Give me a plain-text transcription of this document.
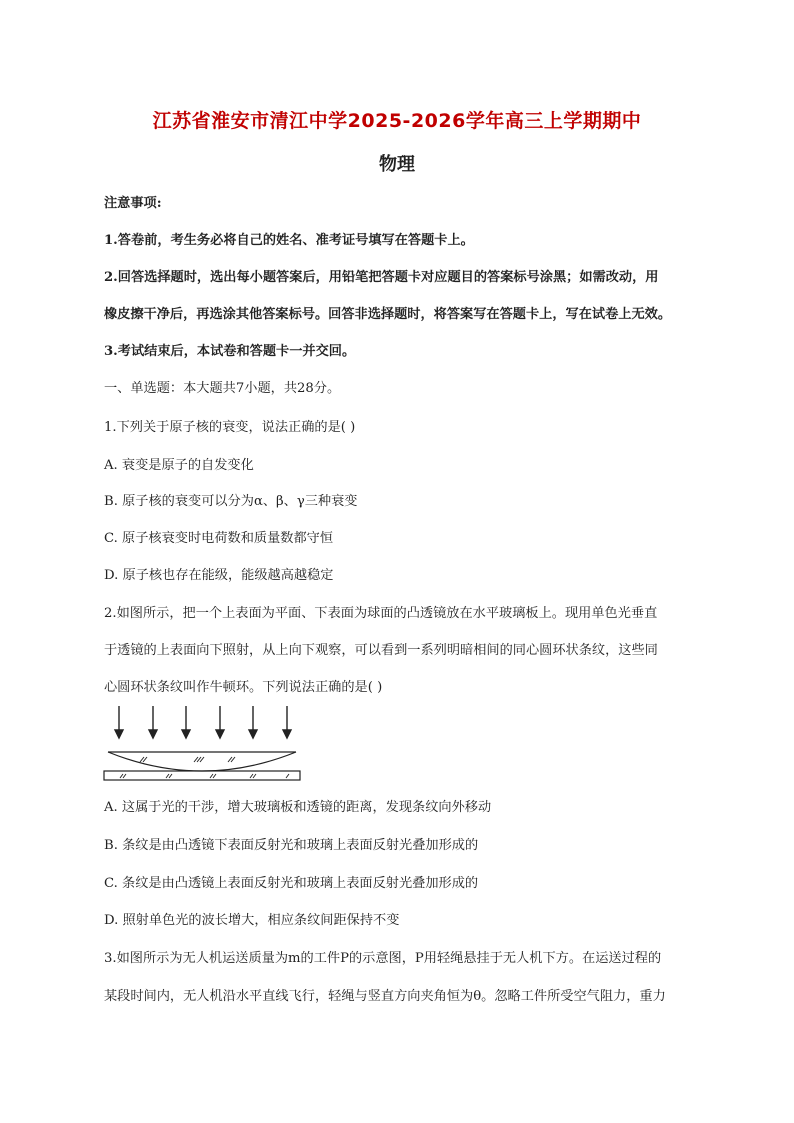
江苏省淮安市清江中学2025-2026学年高三上学期期中
物理
注意事项:
1.答卷前，考生务必将自己的姓名、准考证号填写在答题卡上。
2.回答选择题时，选出每小题答案后，用铅笔把答题卡对应题目的答案标号涂黑；如需改动，用
橡皮擦干净后，再选涂其他答案标号。回答非选择题时，将答案写在答题卡上，写在试卷上无效。
3.考试结束后，本试卷和答题卡一并交回。
一、单选题：本大题共7小题，共28分。
1.下列关于原子核的衰变，说法正确的是( )
A. 衰变是原子的自发变化
B. 原子核的衰变可以分为α、β、γ三种衰变
C. 原子核衰变时电荷数和质量数都守恒
D. 原子核也存在能级，能级越高越稳定
2.如图所示，把一个上表面为平面、下表面为球面的凸透镜放在水平玻璃板上。现用单色光垂直
于透镜的上表面向下照射，从上向下观察，可以看到一系列明暗相间的同心圆环状条纹，这些同
心圆环状条纹叫作牛顿环。下列说法正确的是( )
A. 这属于光的干涉，增大玻璃板和透镜的距离，发现条纹向外移动
B. 条纹是由凸透镜下表面反射光和玻璃上表面反射光叠加形成的
C. 条纹是由凸透镜上表面反射光和玻璃上表面反射光叠加形成的
D. 照射单色光的波长增大，相应条纹间距保持不变
3.如图所示为无人机运送质量为m的工件P的示意图，P用轻绳悬挂于无人机下方。在运送过程的
某段时间内，无人机沿水平直线飞行，轻绳与竖直方向夹角恒为θ。忽略工件所受空气阻力，重力
